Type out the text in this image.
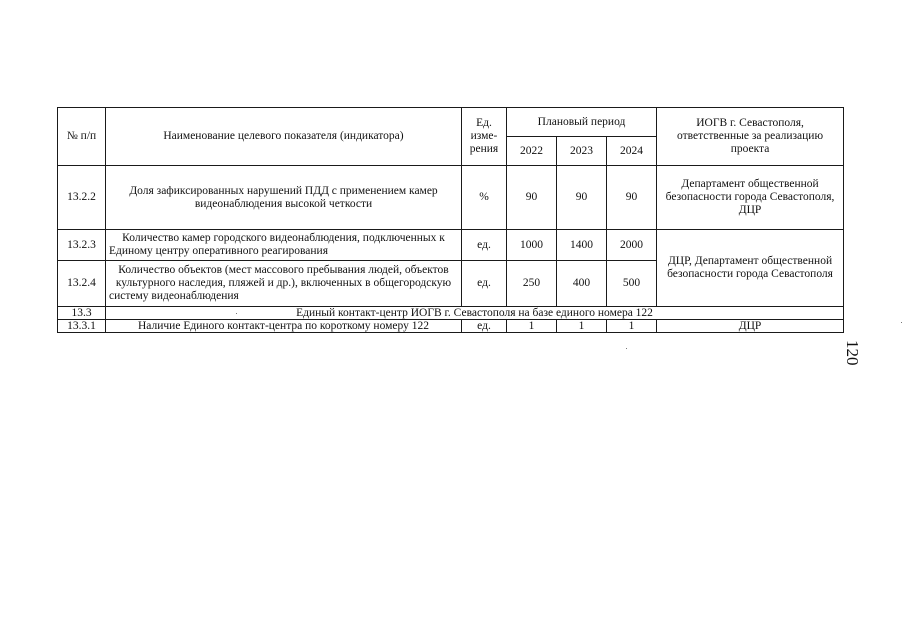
№ п/п	Наименование целевого показателя (индикатора)	Ед. изме-рения	Плановый период			ИОГВ г. Севастополя, ответственные за реализацию проекта
			2022	2023	2024	
13.2.2	Доля зафиксированных нарушений ПДД с применением камер видеонаблюдения высокой четкости	%	90	90	90	Департамент общественной безопасности города Севастополя, ДЦР
13.2.3	Количество камер городского видеонаблюдения, подключенных к Единому центру оперативного реагирования	ед.	1000	1400	2000	ДЦР, Департамент общественной безопасности города Севастополя
13.2.4	Количество объектов (мест массового пребывания людей, объектов культурного наследия, пляжей и др.), включенных в общегородскую систему видеонаблюдения	ед.	250	400	500	
13.3	Единый контакт-центр ИОГВ г. Севастополя на базе единого номера 122					
13.3.1	Наличие Единого контакт-центра по короткому номеру 122	ед.	1	1	1	ДЦР
120
